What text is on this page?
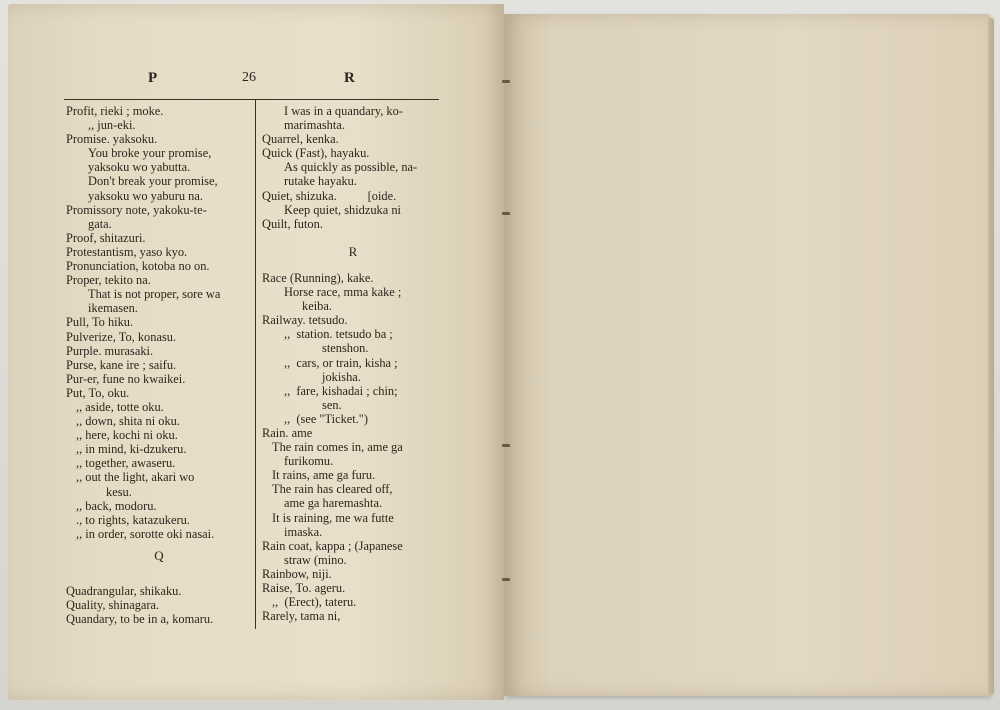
P	26	R
Profit, rieki ; moke.
,, jun-eki.
Promise. yaksoku.
You broke your promise,
yaksoku wo yabutta.
Don't break your promise,
yaksoku wo yaburu na.
Promissory note, yakoku-te-
gata.
Proof, shitazuri.
Protestantism, yaso kyo.
Pronunciation, kotoba no on.
Proper, tekito na.
That is not proper, sore wa
ikemasen.
Pull, To hiku.
Pulverize, To, konasu.
Purple. murasaki.
Purse, kane ire ; saifu.
Pur-er, fune no kwaikei.
Put, To, oku.
,, aside, totte oku.
,, down, shita ni oku.
,, here, kochi ni oku.
,, in mind, ki-dzukeru.
,, together, awaseru.
,, out the light, akari wo
kesu.
,, back, modoru.
., to rights, katazukeru.
,, in order, sorotte oki nasai.
Q
Quadrangular, shikaku.
Quality, shinagara.
Quandary, to be in a, komaru.
I was in a quandary, ko-
marimashta.
Quarrel, kenka.
Quick (Fast), hayaku.
As quickly as possible, na-
rutake hayaku.
Quiet, shizuka.          [oide.
Keep quiet, shidzuka ni
Quilt, futon.
R
Race (Running), kake.
Horse race, mma kake ;
keiba.
Railway. tetsudo.
,,  station. tetsudo ba ;
stenshon.
,,  cars, or train, kisha ;
jokisha.
,,  fare, kishadai ; chin;
sen.
,,  (see "Ticket.")
Rain. ame
The rain comes in, ame ga
furikomu.
It rains, ame ga furu.
The rain has cleared off,
ame ga haremashta.
It is raining, me wa futte
imaska.
Rain coat, kappa ; (Japanese
straw (mino.
Rainbow, niji.
Raise, To. ageru.
,,  (Erect), tateru.
Rarely, tama ni,
